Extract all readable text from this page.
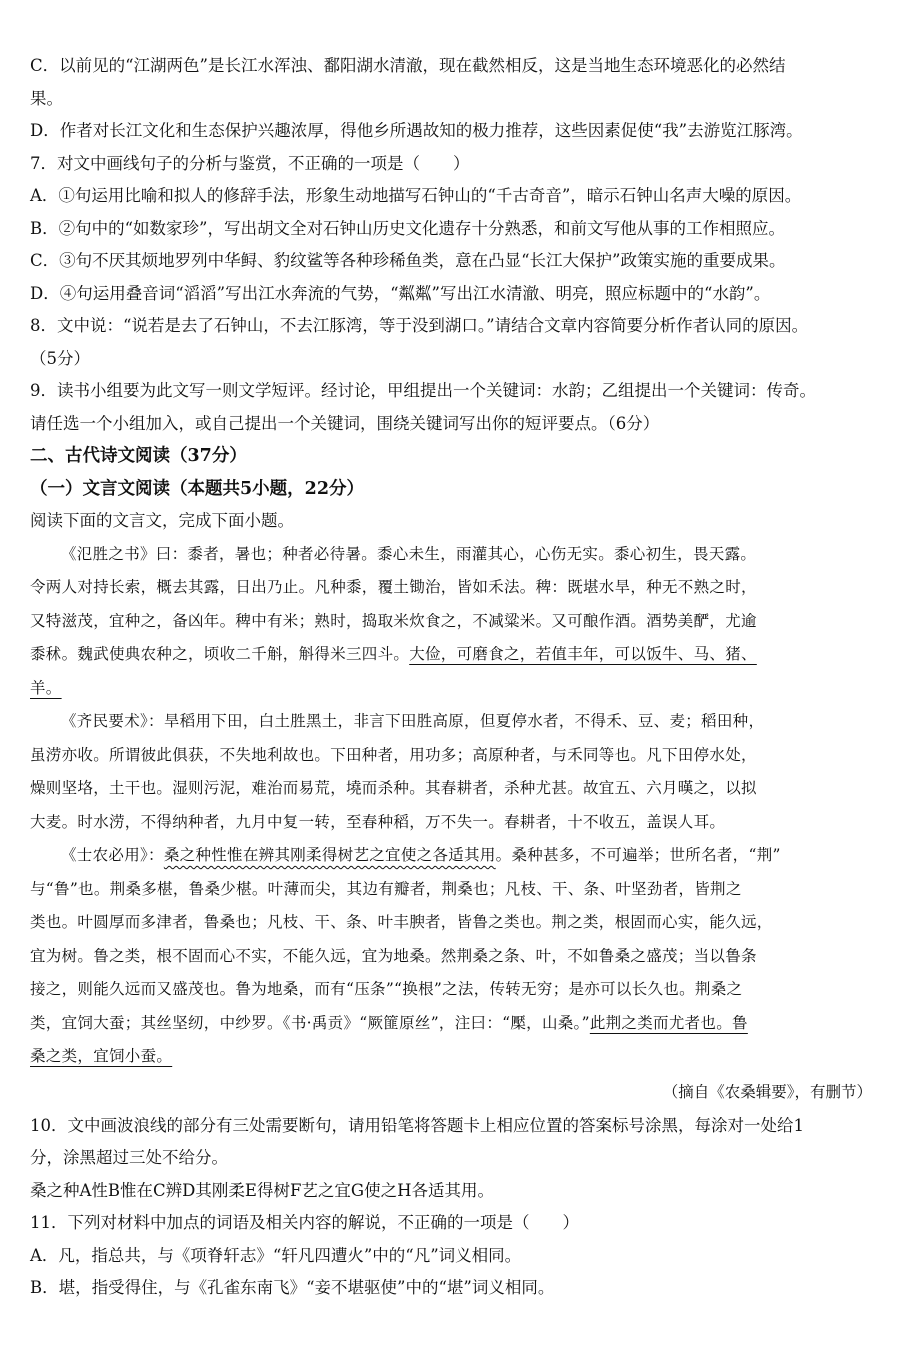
C．以前见的“江湖两色”是长江水浑浊、鄱阳湖水清澈，现在截然相反，这是当地生态环境恶化的必然结
果。
D．作者对长江文化和生态保护兴趣浓厚，得他乡所遇故知的极力推荐，这些因素促使“我”去游览江豚湾。
7．对文中画线句子的分析与鉴赏，不正确的一项是（　　）
A．①句运用比喻和拟人的修辞手法，形象生动地描写石钟山的“千古奇音”，暗示石钟山名声大噪的原因。
B．②句中的“如数家珍”，写出胡文全对石钟山历史文化遗存十分熟悉，和前文写他从事的工作相照应。
C．③句不厌其烦地罗列中华鲟、豹纹鲨等各种珍稀鱼类，意在凸显“长江大保护”政策实施的重要成果。
D．④句运用叠音词“滔滔”写出江水奔流的气势，“粼粼”写出江水清澈、明亮，照应标题中的“水韵”。
8．文中说：“说若是去了石钟山，不去江豚湾，等于没到湖口。”请结合文章内容简要分析作者认同的原因。
（5分）
9．读书小组要为此文写一则文学短评。经讨论，甲组提出一个关键词：水韵；乙组提出一个关键词：传奇。
请任选一个小组加入，或自己提出一个关键词，围绕关键词写出你的短评要点。（6分）
二、古代诗文阅读（37分）
（一）文言文阅读（本题共5小题，22分）
阅读下面的文言文，完成下面小题。
《氾胜之书》曰：黍者，暑也；种者必待暑。黍心未生，雨灌其心，心伤无实。黍心初生，畏天露。
令两人对持长索，概去其露，日出乃止。凡种黍，覆土锄治，皆如禾法。稗：既堪水旱，种无不熟之时，
又特滋茂，宜种之，备凶年。稗中有米；熟时，捣取米炊食之，不减粱米。又可酿作酒。酒势美酽，尤逾
黍秫。魏武使典农种之，顷收二千斛，斛得米三四斗。大俭，可磨食之，若值丰年，可以饭牛、马、猪、
羊。
《齐民要术》：旱稻用下田，白土胜黑土，非言下田胜高原，但夏停水者，不得禾、豆、麦；稻田种，
虽涝亦收。所谓彼此俱获，不失地利故也。下田种者，用功多；高原种者，与禾同等也。凡下田停水处，
燥则坚垎，土干也。湿则污泥，难治而易荒，墝而杀种。其春耕者，杀种尤甚。故宜五、六月暵之，以拟
大麦。时水涝，不得纳种者，九月中复一转，至春种稻，万不失一。春耕者，十不收五，盖误人耳。
《士农必用》：桑之种性惟在辨其刚柔得树艺之宜使之各适其用。桑种甚多，不可遍举；世所名者，“荆”
与“鲁”也。荆桑多椹，鲁桑少椹。叶薄而尖，其边有瓣者，荆桑也；凡枝、干、条、叶坚劲者，皆荆之
类也。叶圆厚而多津者，鲁桑也；凡枝、干、条、叶丰腴者，皆鲁之类也。荆之类，根固而心实，能久远，
宜为树。鲁之类，根不固而心不实，不能久远，宜为地桑。然荆桑之条、叶，不如鲁桑之盛茂；当以鲁条
接之，则能久远而又盛茂也。鲁为地桑，而有“压条”“换根”之法，传转无穷；是亦可以长久也。荆桑之
类，宜饲大蚕；其丝坚纫，中纱罗。《书·禹贡》“厥篚原丝”，注曰：“檿，山桑。”此荆之类而尤者也。鲁
桑之类，宜饲小蚕。
（摘自《农桑辑要》，有删节）
10．文中画波浪线的部分有三处需要断句，请用铅笔将答题卡上相应位置的答案标号涂黑，每涂对一处给1
分，涂黑超过三处不给分。
桑之种A性B惟在C辨D其刚柔E得树F艺之宜G使之H各适其用。
11．下列对材料中加点的词语及相关内容的解说，不正确的一项是（　　）
A．凡，指总共，与《项脊轩志》“轩凡四遭火”中的“凡”词义相同。
B．堪，指受得住，与《孔雀东南飞》“妾不堪驱使”中的“堪”词义相同。
